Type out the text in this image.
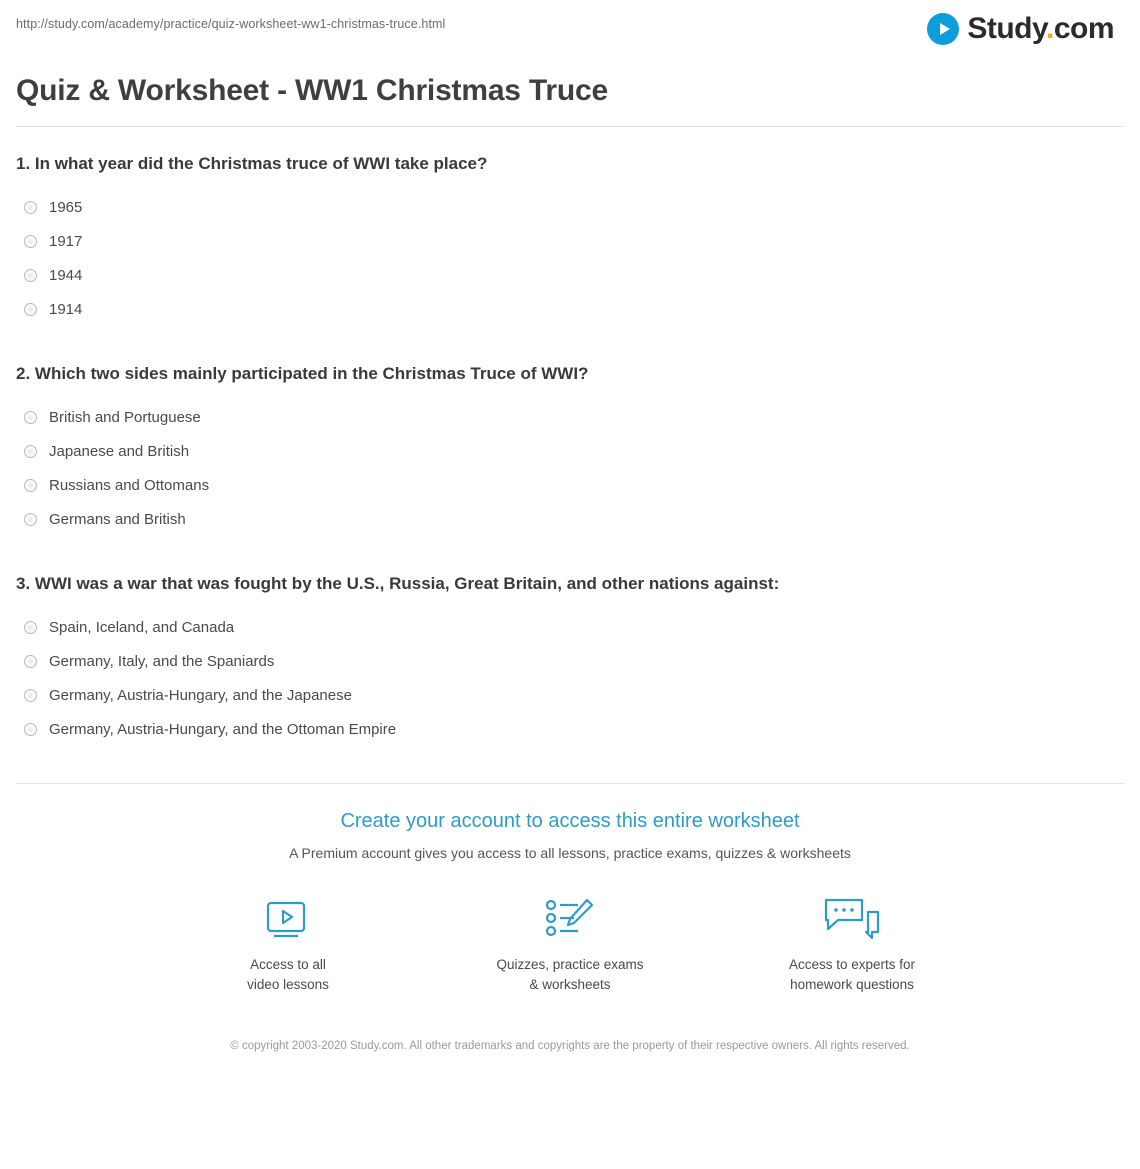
http://study.com/academy/practice/quiz-worksheet-ww1-christmas-truce.html	Study.com
Quiz & Worksheet - WW1 Christmas Truce

1. In what year did the Christmas truce of WWI take place?

1965
1917
1944
1914

2. Which two sides mainly participated in the Christmas Truce of WWI?

British and Portuguese
Japanese and British
Russians and Ottomans
Germans and British

3. WWI was a war that was fought by the U.S., Russia, Great Britain, and other nations against:

Spain, Iceland, and Canada
Germany, Italy, and the Spaniards
Germany, Austria-Hungary, and the Japanese
Germany, Austria-Hungary, and the Ottoman Empire
Create your account to access this entire worksheet

A Premium account gives you access to all lessons, practice exams, quizzes & worksheets

Access to all
video lessons
Quizzes, practice exams
& worksheets
Access to experts for
homework questions

© copyright 2003-2020 Study.com. All other trademarks and copyrights are the property of their respective owners. All rights reserved.
